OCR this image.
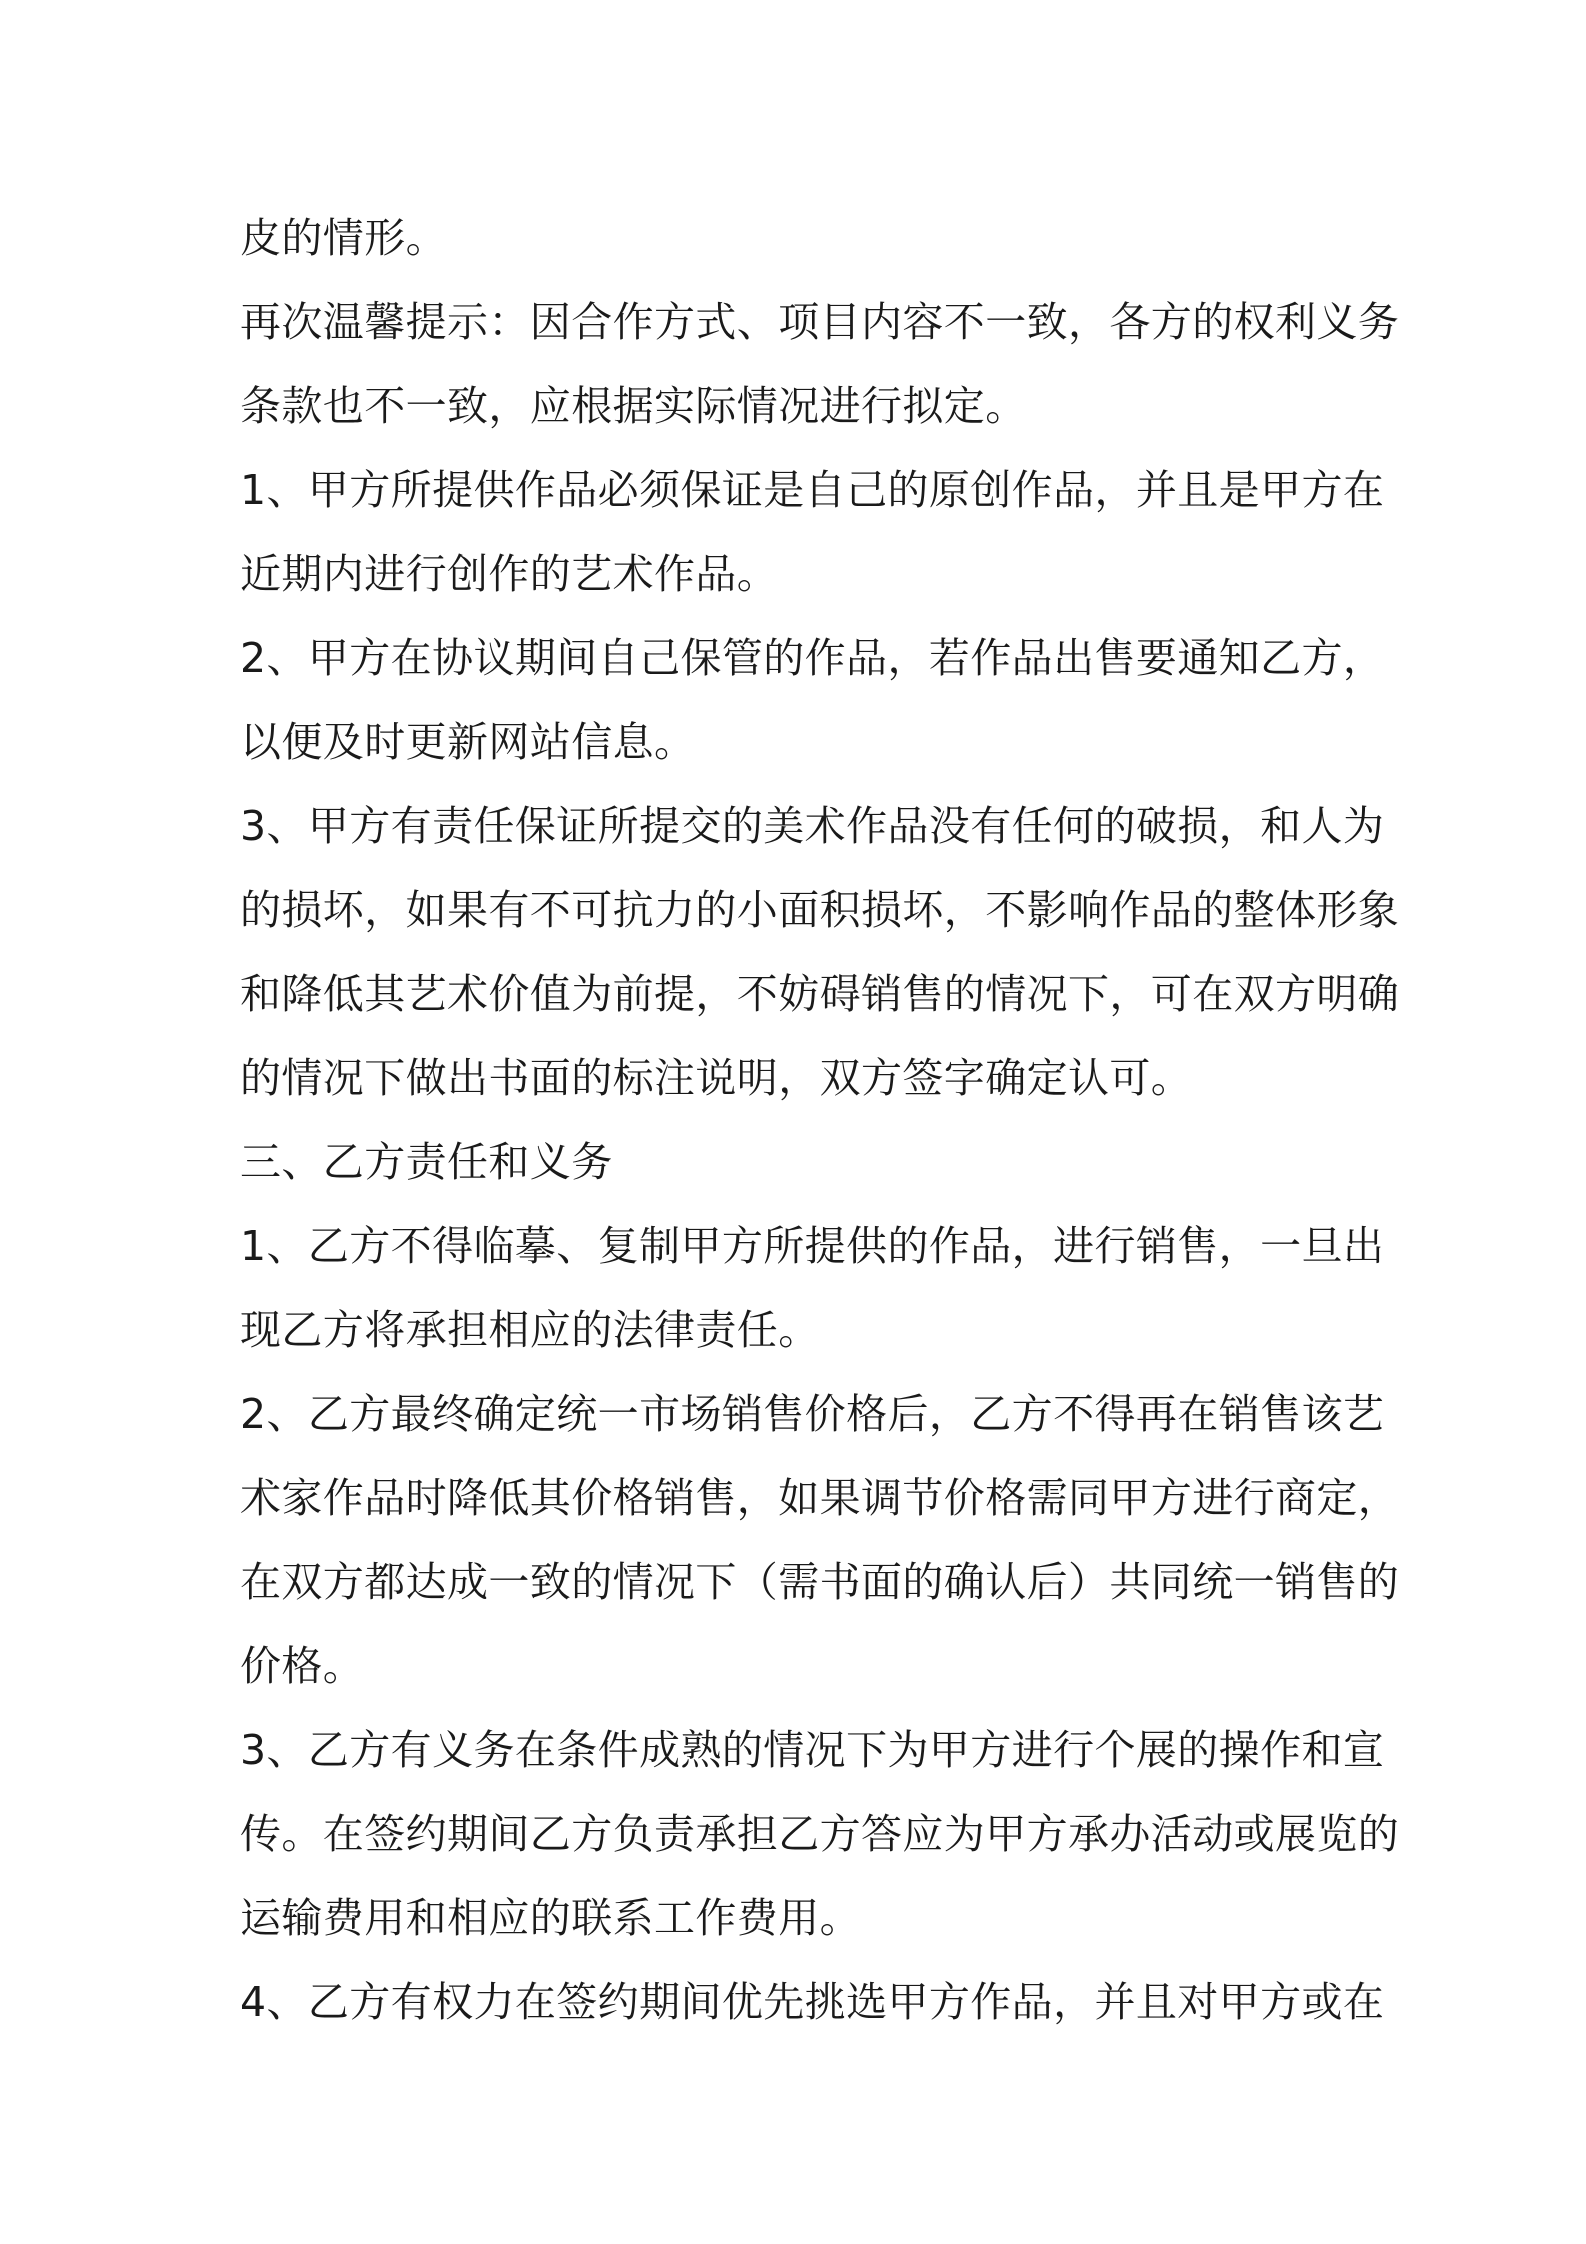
皮的情形。
再次温馨提示：因合作方式、项目内容不一致，各方的权利义务
条款也不一致，应根据实际情况进行拟定。
1、甲方所提供作品必须保证是自己的原创作品，并且是甲方在
近期内进行创作的艺术作品。
2、甲方在协议期间自己保管的作品，若作品出售要通知乙方，
以便及时更新网站信息。
3、甲方有责任保证所提交的美术作品没有任何的破损，和人为
的损坏，如果有不可抗力的小面积损坏，不影响作品的整体形象
和降低其艺术价值为前提，不妨碍销售的情况下，可在双方明确
的情况下做出书面的标注说明，双方签字确定认可。
三、乙方责任和义务
1、乙方不得临摹、复制甲方所提供的作品，进行销售，一旦出
现乙方将承担相应的法律责任。
2、乙方最终确定统一市场销售价格后，乙方不得再在销售该艺
术家作品时降低其价格销售，如果调节价格需同甲方进行商定，
在双方都达成一致的情况下（需书面的确认后）共同统一销售的
价格。
3、乙方有义务在条件成熟的情况下为甲方进行个展的操作和宣
传。在签约期间乙方负责承担乙方答应为甲方承办活动或展览的
运输费用和相应的联系工作费用。
4、乙方有权力在签约期间优先挑选甲方作品，并且对甲方或在
